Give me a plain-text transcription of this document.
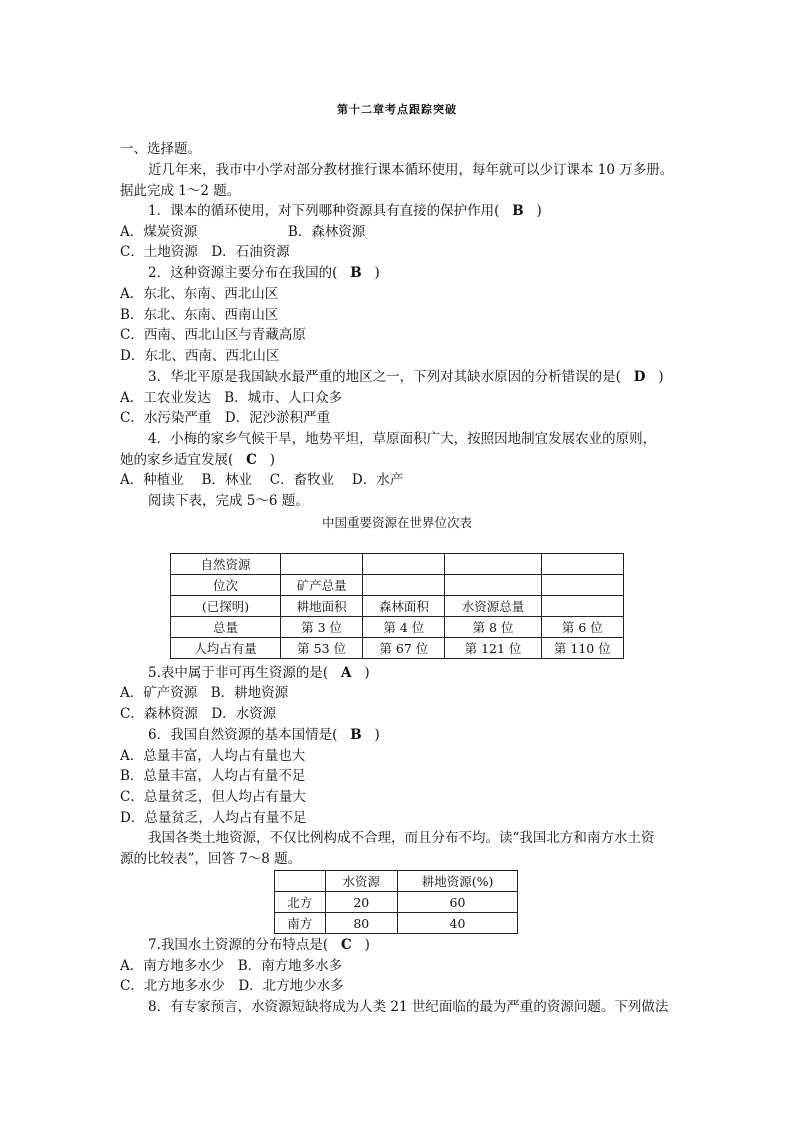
第十二章考点跟踪突破
一、选择题。
近几年来，我市中小学对部分教材推行课本循环使用，每年就可以少订课本 10 万多册。
据此完成 1～2 题。
1．课本的循环使用，对下列哪种资源具有直接的保护作用( B )
A．煤炭资源	B．森林资源
C．土地资源　D．石油资源
2．这种资源主要分布在我国的( B )
A．东北、东南、西北山区
B．东北、东南、西南山区
C．西南、西北山区与青藏高原
D．东北、西南、西北山区
3．华北平原是我国缺水最严重的地区之一，下列对其缺水原因的分析错误的是( D )
A．工农业发达　B．城市、人口众多
C．水污染严重　D．泥沙淤积严重
4．小梅的家乡气候干旱，地势平坦，草原面积广大，按照因地制宜发展农业的原则，
她的家乡适宜发展( C )
A．种植业　 B．林业　 C．畜牧业　 D．水产
阅读下表，完成 5～6 题。
中国重要资源在世界位次表
自然资源				
位次	矿产总量			
(已探明)	耕地面积	森林面积	水资源总量	
总量	第 3 位	第 4 位	第 8 位	第 6 位
人均占有量	第 53 位	第 67 位	第 121 位	第 110 位
5.表中属于非可再生资源的是( A )
A．矿产资源　B．耕地资源
C．森林资源　D．水资源
6．我国自然资源的基本国情是( B )
A．总量丰富，人均占有量也大
B．总量丰富，人均占有量不足
C．总量贫乏，但人均占有量大
D．总量贫乏，人均占有量不足
我国各类土地资源，不仅比例构成不合理，而且分布不均。读“我国北方和南方水土资
源的比较表”，回答 7～8 题。
	水资源	耕地资源(%)
北方	20	60
南方	80	40
7.我国水土资源的分布特点是( C )
A．南方地多水少　B．南方地多水多
C．北方地多水少　D．北方地少水多
8．有专家预言，水资源短缺将成为人类 21 世纪面临的最为严重的资源问题。下列做法
